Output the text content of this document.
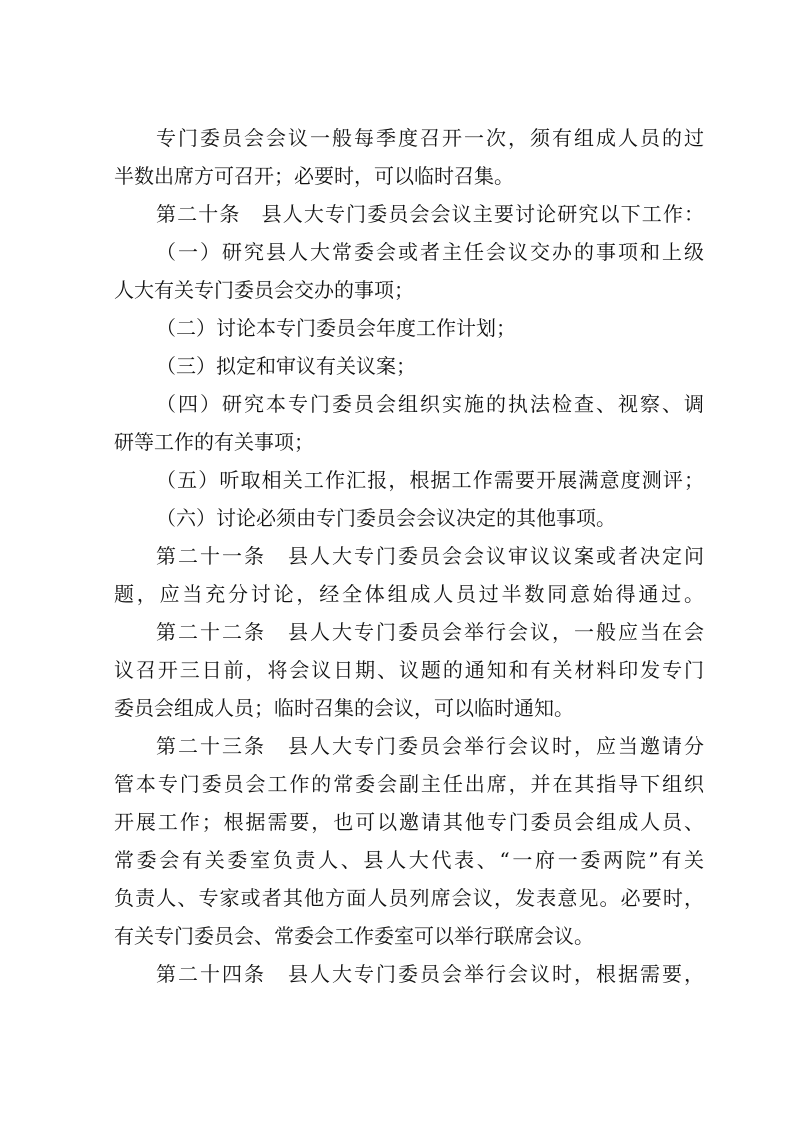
专门委员会会议一般每季度召开一次，须有组成人员的过
半数出席方可召开；必要时，可以临时召集。
第二十条　县人大专门委员会会议主要讨论研究以下工作：
（一）研究县人大常委会或者主任会议交办的事项和上级
人大有关专门委员会交办的事项；
（二）讨论本专门委员会年度工作计划；
（三）拟定和审议有关议案；
（四）研究本专门委员会组织实施的执法检查、视察、调
研等工作的有关事项；
（五）听取相关工作汇报，根据工作需要开展满意度测评；
（六）讨论必须由专门委员会会议决定的其他事项。
第二十一条　县人大专门委员会会议审议议案或者决定问
题，应当充分讨论，经全体组成人员过半数同意始得通过。
第二十二条　县人大专门委员会举行会议，一般应当在会
议召开三日前，将会议日期、议题的通知和有关材料印发专门
委员会组成人员；临时召集的会议，可以临时通知。
第二十三条　县人大专门委员会举行会议时，应当邀请分
管本专门委员会工作的常委会副主任出席，并在其指导下组织
开展工作；根据需要，也可以邀请其他专门委员会组成人员、
常委会有关委室负责人、县人大代表、“一府一委两院”有关
负责人、专家或者其他方面人员列席会议，发表意见。必要时，
有关专门委员会、常委会工作委室可以举行联席会议。
第二十四条　县人大专门委员会举行会议时，根据需要，
